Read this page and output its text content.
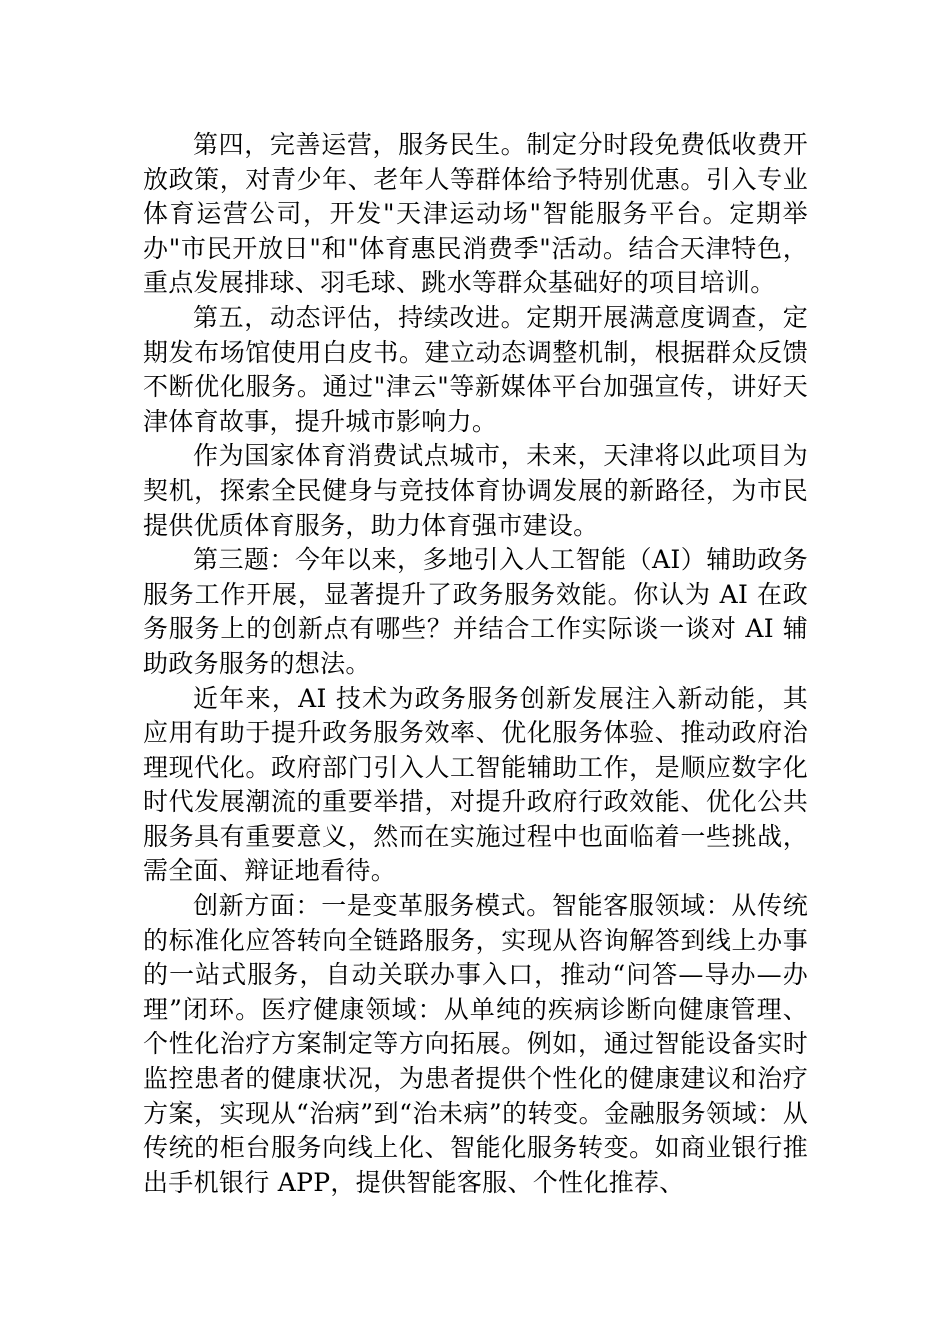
第四，完善运营，服务民生。制定分时段免费低收费开放政策，对青少年、老年人等群体给予特别优惠。引入专业体育运营公司，开发"天津运动场"智能服务平台。定期举办"市民开放日"和"体育惠民消费季"活动。结合天津特色，重点发展排球、羽毛球、跳水等群众基础好的项目培训。

第五，动态评估，持续改进。定期开展满意度调查，定期发布场馆使用白皮书。建立动态调整机制，根据群众反馈不断优化服务。通过"津云"等新媒体平台加强宣传，讲好天津体育故事，提升城市影响力。

作为国家体育消费试点城市，未来，天津将以此项目为契机，探索全民健身与竞技体育协调发展的新路径，为市民提供优质体育服务，助力体育强市建设。

第三题：今年以来，多地引入人工智能（AI）辅助政务服务工作开展，显著提升了政务服务效能。你认为 AI 在政务服务上的创新点有哪些？并结合工作实际谈一谈对 AI 辅助政务服务的想法。

近年来，AI 技术为政务服务创新发展注入新动能，其应用有助于提升政务服务效率、优化服务体验、推动政府治理现代化。政府部门引入人工智能辅助工作，是顺应数字化时代发展潮流的重要举措，对提升政府行政效能、优化公共服务具有重要意义，然而在实施过程中也面临着一些挑战，需全面、辩证地看待。

创新方面：一是变革服务模式。智能客服领域：从传统的标准化应答转向全链路服务，实现从咨询解答到线上办事的一站式服务，自动关联办事入口，推动“问答—导办—办理”闭环。医疗健康领域：从单纯的疾病诊断向健康管理、个性化治疗方案制定等方向拓展。例如，通过智能设备实时监控患者的健康状况，为患者提供个性化的健康建议和治疗方案，实现从“治病”到“治未病”的转变。金融服务领域：从传统的柜台服务向线上化、智能化服务转变。如商业银行推出手机银行 APP，提供智能客服、个性化推荐、
